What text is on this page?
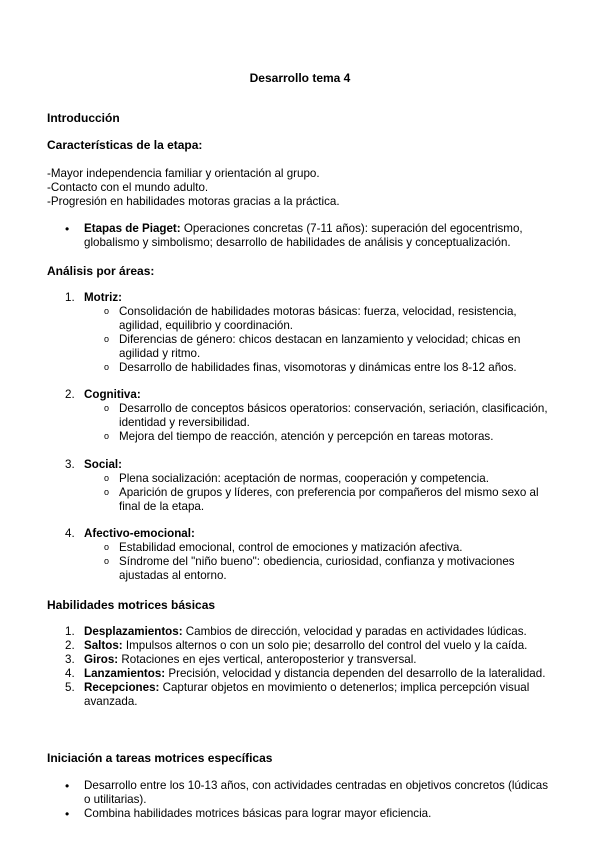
Desarrollo tema 4
Introducción
Características de la etapa:
-Mayor independencia familiar y orientación al grupo.
-Contacto con el mundo adulto.
-Progresión en habilidades motoras gracias a la práctica.
• Etapas de Piaget: Operaciones concretas (7-11 años): superación del egocentrismo, globalismo y simbolismo; desarrollo de habilidades de análisis y conceptualización.
Análisis por áreas:
1. Motriz:
o Consolidación de habilidades motoras básicas: fuerza, velocidad, resistencia, agilidad, equilibrio y coordinación.
o Diferencias de género: chicos destacan en lanzamiento y velocidad; chicas en agilidad y ritmo.
o Desarrollo de habilidades finas, visomotoras y dinámicas entre los 8-12 años.
2. Cognitiva:
o Desarrollo de conceptos básicos operatorios: conservación, seriación, clasificación, identidad y reversibilidad.
o Mejora del tiempo de reacción, atención y percepción en tareas motoras.
3. Social:
o Plena socialización: aceptación de normas, cooperación y competencia.
o Aparición de grupos y líderes, con preferencia por compañeros del mismo sexo al final de la etapa.
4. Afectivo-emocional:
o Estabilidad emocional, control de emociones y matización afectiva.
o Síndrome del "niño bueno": obediencia, curiosidad, confianza y motivaciones ajustadas al entorno.
Habilidades motrices básicas
1. Desplazamientos: Cambios de dirección, velocidad y paradas en actividades lúdicas.
2. Saltos: Impulsos alternos o con un solo pie; desarrollo del control del vuelo y la caída.
3. Giros: Rotaciones en ejes vertical, anteroposterior y transversal.
4. Lanzamientos: Precisión, velocidad y distancia dependen del desarrollo de la lateralidad.
5. Recepciones: Capturar objetos en movimiento o detenerlos; implica percepción visual avanzada.
Iniciación a tareas motrices específicas
• Desarrollo entre los 10-13 años, con actividades centradas en objetivos concretos (lúdicas o utilitarias).
• Combina habilidades motrices básicas para lograr mayor eficiencia.
